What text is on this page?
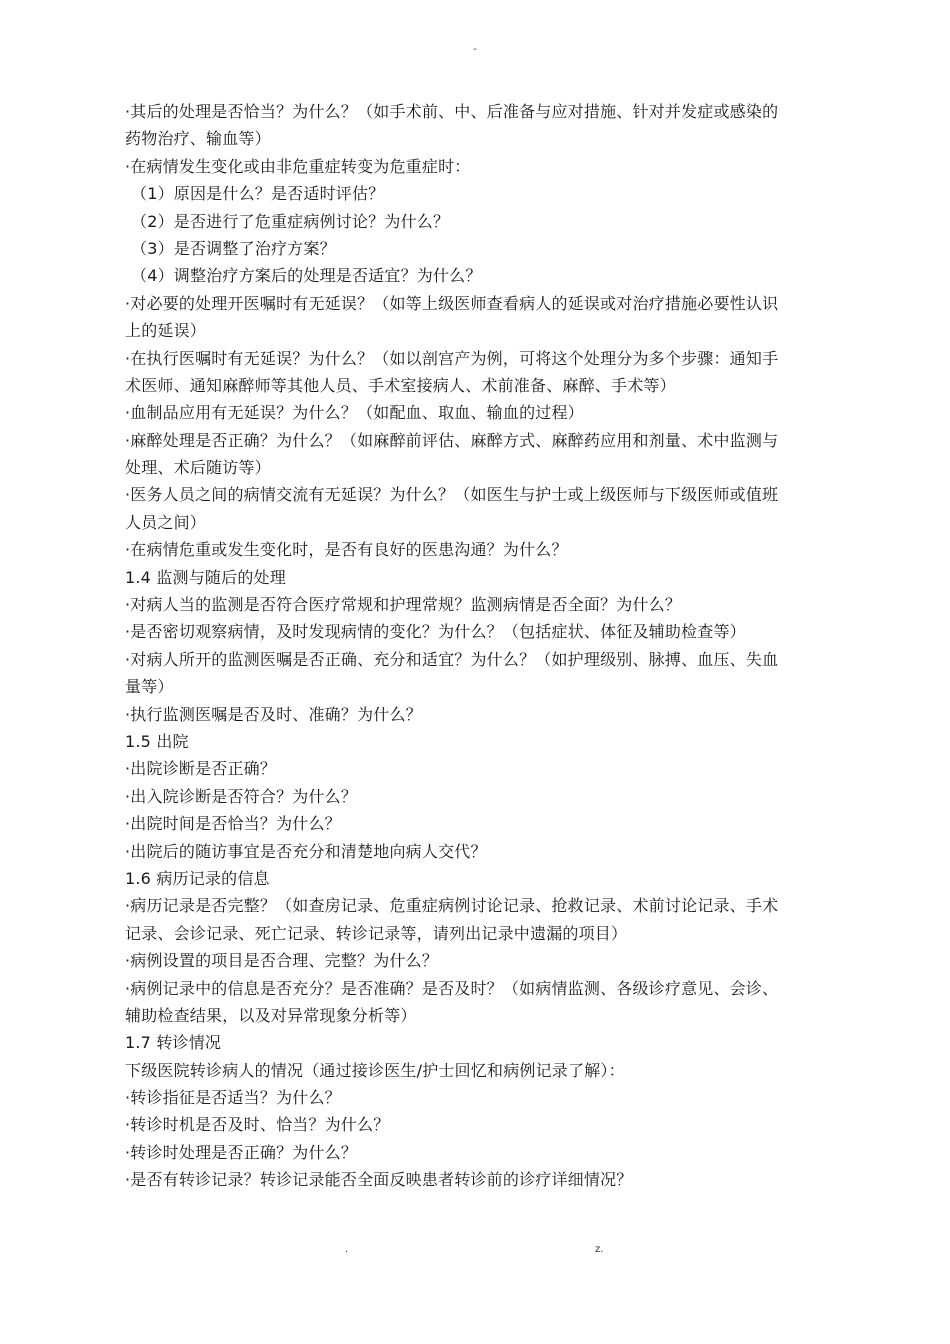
-
·其后的处理是否恰当？为什么？（如手术前、中、后准备与应对措施、针对并发症或感染的
药物治疗、输血等）
·在病情发生变化或由非危重症转变为危重症时：
（1）原因是什么？是否适时评估？
（2）是否进行了危重症病例讨论？为什么？
（3）是否调整了治疗方案？
（4）调整治疗方案后的处理是否适宜？为什么？
·对必要的处理开医嘱时有无延误？（如等上级医师查看病人的延误或对治疗措施必要性认识
上的延误）
·在执行医嘱时有无延误？为什么？（如以剖宫产为例，可将这个处理分为多个步骤：通知手
术医师、通知麻醉师等其他人员、手术室接病人、术前准备、麻醉、手术等）
·血制品应用有无延误？为什么？（如配血、取血、输血的过程）
·麻醉处理是否正确？为什么？（如麻醉前评估、麻醉方式、麻醉药应用和剂量、术中监测与
处理、术后随访等）
·医务人员之间的病情交流有无延误？为什么？（如医生与护士或上级医师与下级医师或值班
人员之间）
·在病情危重或发生变化时，是否有良好的医患沟通？为什么？
1.4 监测与随后的处理
·对病人当的监测是否符合医疗常规和护理常规？监测病情是否全面？为什么？
·是否密切观察病情，及时发现病情的变化？为什么？（包括症状、体征及辅助检查等）
·对病人所开的监测医嘱是否正确、充分和适宜？为什么？（如护理级别、脉搏、血压、失血
量等）
·执行监测医嘱是否及时、准确？为什么？
1.5 出院
·出院诊断是否正确？
·出入院诊断是否符合？为什么？
·出院时间是否恰当？为什么？
·出院后的随访事宜是否充分和清楚地向病人交代？
1.6 病历记录的信息
·病历记录是否完整？（如查房记录、危重症病例讨论记录、抢救记录、术前讨论记录、手术
记录、会诊记录、死亡记录、转诊记录等，请列出记录中遗漏的项目）
·病例设置的项目是否合理、完整？为什么？
·病例记录中的信息是否充分？是否准确？是否及时？（如病情监测、各级诊疗意见、会诊、
辅助检查结果，以及对异常现象分析等）
1.7 转诊情况
下级医院转诊病人的情况（通过接诊医生/护士回忆和病例记录了解）：
·转诊指征是否适当？为什么？
·转诊时机是否及时、恰当？为什么？
·转诊时处理是否正确？为什么？
·是否有转诊记录？转诊记录能否全面反映患者转诊前的诊疗详细情况？
.	z.
